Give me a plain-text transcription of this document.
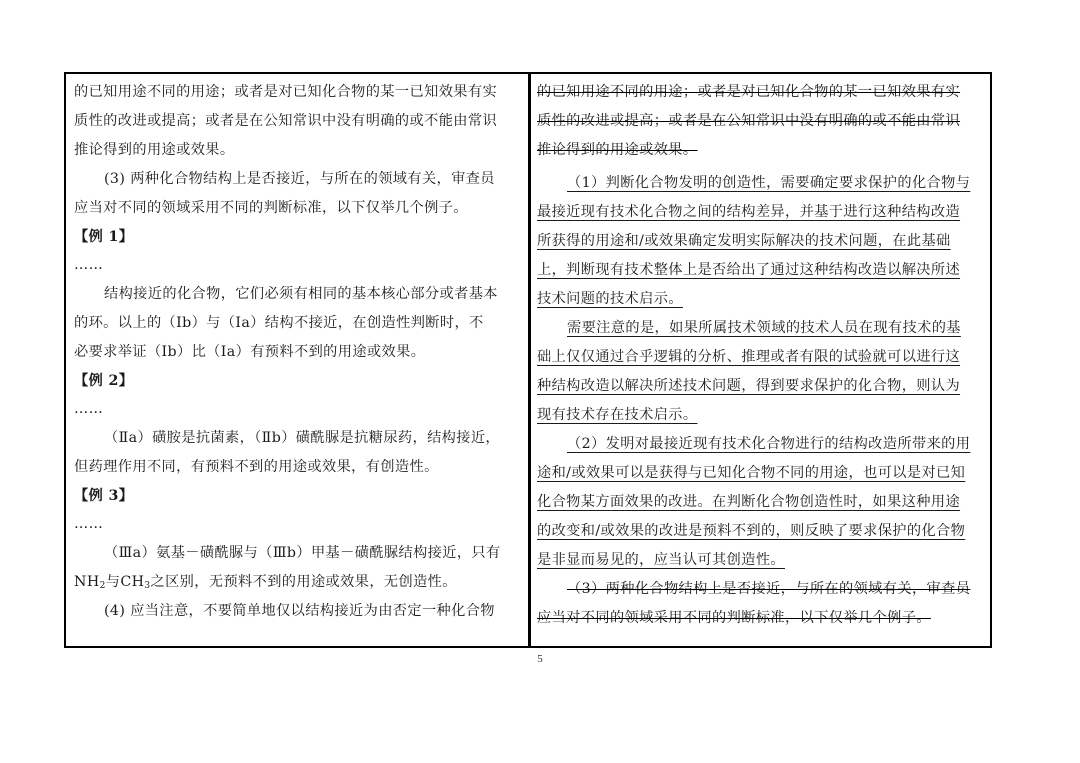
的已知用途不同的用途；或者是对已知化合物的某一已知效果有实
质性的改进或提高；或者是在公知常识中没有明确的或不能由常识
推论得到的用途或效果。
(3) 两种化合物结构上是否接近，与所在的领域有关，审查员
应当对不同的领域采用不同的判断标准，以下仅举几个例子。
【例 1】
……
结构接近的化合物，它们必须有相同的基本核心部分或者基本
的环。以上的（Ⅰb）与（Ⅰa）结构不接近，在创造性判断时，不
必要求举证（Ib）比（Ia）有预料不到的用途或效果。
【例 2】
……
（Ⅱa）磺胺是抗菌素，（Ⅱb）磺酰脲是抗糖尿药，结构接近，
但药理作用不同，有预料不到的用途或效果，有创造性。
【例 3】
……
（Ⅲa）氨基－磺酰脲与（Ⅲb）甲基－磺酰脲结构接近，只有
$NH_2$与$CH_3$之区别，无预料不到的用途或效果，无创造性。
(4) 应当注意，不要简单地仅以结构接近为由否定一种化合物
的已知用途不同的用途；或者是对已知化合物的某一已知效果有实
质性的改进或提高；或者是在公知常识中没有明确的或不能由常识
推论得到的用途或效果。
（1）判断化合物发明的创造性，需要确定要求保护的化合物与
最接近现有技术化合物之间的结构差异，并基于进行这种结构改造
所获得的用途和/或效果确定发明实际解决的技术问题，在此基础
上，判断现有技术整体上是否给出了通过这种结构改造以解决所述
技术问题的技术启示。
需要注意的是，如果所属技术领域的技术人员在现有技术的基
础上仅仅通过合乎逻辑的分析、推理或者有限的试验就可以进行这
种结构改造以解决所述技术问题，得到要求保护的化合物，则认为
现有技术存在技术启示。
（2）发明对最接近现有技术化合物进行的结构改造所带来的用
途和/或效果可以是获得与已知化合物不同的用途，也可以是对已知
化合物某方面效果的改进。在判断化合物创造性时，如果这种用途
的改变和/或效果的改进是预料不到的，则反映了要求保护的化合物
是非显而易见的，应当认可其创造性。
（3）两种化合物结构上是否接近，与所在的领域有关，审查员
应当对不同的领域采用不同的判断标准，以下仅举几个例子。
5
